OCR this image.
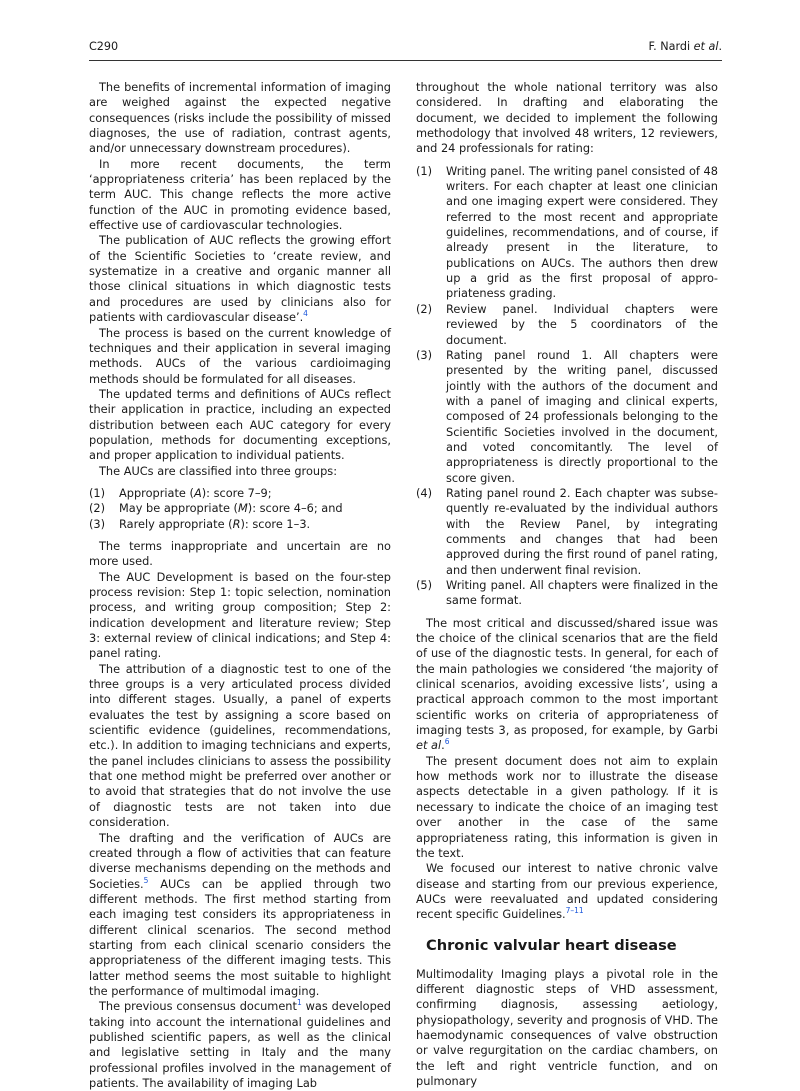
C290	F. Nardi et al.

The benefits of incremental information of imaging are weighed against the expected negative consequences (risks include the possibility of missed diagnoses, the use of radiation, contrast agents, and/or unnecessary downstream procedures).

In more recent documents, the term ‘appropriateness criteria’ has been replaced by the term AUC. This change reflects the more active function of the AUC in promoting evidence based, effective use of cardiovascular technologies.

The publication of AUC reflects the growing effort of the Scientific Societies to ‘create review, and systematize in a creative and organic manner all those clinical situations in which diagnostic tests and procedures are used by clinicians also for patients with cardiovascular disease’.$^4$

The process is based on the current knowledge of techniques and their application in several imaging methods. AUCs of the various cardioimaging methods should be formulated for all diseases.

The updated terms and definitions of AUCs reflect their application in practice, including an expected distribution between each AUC category for every population, methods for documenting exceptions, and proper application to individual patients.

The AUCs are classified into three groups:

(1)	Appropriate (A): score 7–9;
(2)	May be appropriate (M): score 4–6; and
(3)	Rarely appropriate (R): score 1–3.

The terms inappropriate and uncertain are no more used.

The AUC Development is based on the four-step process revision: Step 1: topic selection, nomination process, and writing group composition; Step 2: indication development and literature review; Step 3: external review of clinical indications; and Step 4: panel rating.

The attribution of a diagnostic test to one of the three groups is a very articulated process divided into different stages. Usually, a panel of experts evaluates the test by assigning a score based on scientific evidence (guidelines, recommendations, etc.). In addition to imaging technicians and experts, the panel includes clinicians to assess the possibility that one method might be preferred over another or to avoid that strategies that do not involve the use of diagnostic tests are not taken into due consideration.

The drafting and the verification of AUCs are created through a flow of activities that can feature diverse mechanisms depending on the methods and Societies.$^5$ AUCs can be applied through two different methods. The first method starting from each imaging test considers its appropriateness in different clinical scenarios. The second method starting from each clinical scenario considers the appropriateness of the different imaging tests. This latter method seems the most suitable to highlight the performance of multimodal imaging.

The previous consensus document$^1$ was developed taking into account the international guidelines and published scientific papers, as well as the clinical and legislative setting in Italy and the many professional profiles involved in the management of patients. The availability of imaging Lab

throughout the whole national territory was also considered. In drafting and elaborating the document, we decided to implement the following methodology that involved 48 writers, 12 reviewers, and 24 professionals for rating:

(1)	Writing panel. The writing panel consisted of 48 writers. For each chapter at least one clinician and one imaging expert were considered. They referred to the most recent and appropriate guidelines, recommendations, and of course, if already present in the literature, to publications on AUCs. The authors then drew up a grid as the first proposal of appropriateness grading.
(2)	Review panel. Individual chapters were reviewed by the 5 coordinators of the document.
(3)	Rating panel round 1. All chapters were presented by the writing panel, discussed jointly with the authors of the document and with a panel of imaging and clinical experts, composed of 24 professionals belonging to the Scientific Societies involved in the document, and voted concomitantly. The level of appropriateness is directly proportional to the score given.
(4)	Rating panel round 2. Each chapter was subsequently re-evaluated by the individual authors with the Review Panel, by integrating comments and changes that had been approved during the first round of panel rating, and then underwent final revision.
(5)	Writing panel. All chapters were finalized in the same format.

The most critical and discussed/shared issue was the choice of the clinical scenarios that are the field of use of the diagnostic tests. In general, for each of the main pathologies we considered ‘the majority of clinical scenarios, avoiding excessive lists’, using a practical approach common to the most important scientific works on criteria of appropriateness of imaging tests 3, as proposed, for example, by Garbi et al.$^6$

The present document does not aim to explain how methods work nor to illustrate the disease aspects detectable in a given pathology. If it is necessary to indicate the choice of an imaging test over another in the case of the same appropriateness rating, this information is given in the text.

We focused our interest to native chronic valve disease and starting from our previous experience, AUCs were reevaluated and updated considering recent specific Guidelines.$^{7-11}$

Chronic valvular heart disease

Multimodality Imaging plays a pivotal role in the different diagnostic steps of VHD assessment, confirming diagnosis, assessing aetiology, physiopathology, severity and prognosis of VHD. The haemodynamic consequences of valve obstruction or valve regurgitation on the cardiac chambers, on the left and right ventricle function, and on pulmonary
